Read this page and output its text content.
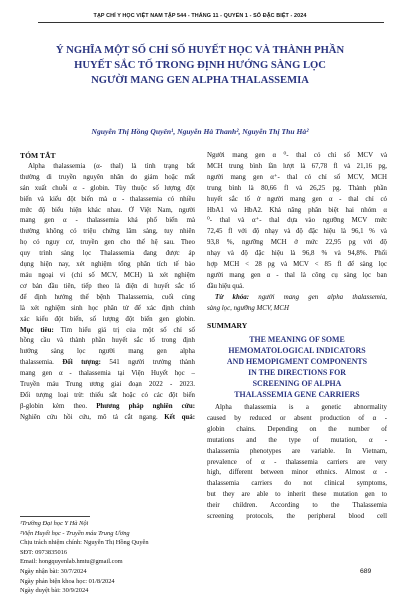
TẠP CHÍ Y HỌC VIỆT NAM TẬP 544 - THÁNG 11 - QUYỂN 1 - SỐ ĐẶC BIỆT - 2024
Ý NGHĨA MỘT SỐ CHỈ SỐ HUYẾT HỌC VÀ THÀNH PHẦN
HUYẾT SẮC TỐ TRONG ĐỊNH HƯỚNG SÀNG LỌC
NGƯỜI MANG GEN ALPHA THALASSEMIA
Nguyễn Thị Hồng Quyên¹, Nguyễn Hà Thanh², Nguyễn Thị Thu Hà²
TÓM TẮT
Alpha thalassemia (α- thal) là tình trạng bất
thường di truyền nguyên nhân do giảm hoặc mất
sản xuất chuỗi α - globin. Tùy thuộc số lượng đột
biến và kiểu đột biến mà α - thalassemia có nhiều
mức độ biểu hiện khác nhau. Ở Việt Nam, người
mang gen α - thalassemia khá phổ biến mà
thường không có triệu chứng lâm sàng, tuy nhiên
họ có nguy cơ, truyền gen cho thế hệ sau. Theo
quy trình sàng lọc Thalassemia đang được áp
dụng hiện nay, xét nghiệm tổng phân tích tế bào
máu ngoại vi (chỉ số MCV, MCH) là xét nghiệm
cơ bản đầu tiên, tiếp theo là điện di huyết sắc tố
để định hướng thể bệnh Thalassemia, cuối cùng
là xét nghiệm sinh học phân tử để xác định chính
xác kiểu đột biến, số lượng đột biến gen globin.
Mục tiêu: Tìm hiểu giá trị của một số chỉ số
hồng cầu và thành phần huyết sắc tố trong định
hướng sàng lọc người mang gen alpha
thalassemia. Đối tượng: 541 người trưởng thành
mang gen α - thalassemia tại Viện Huyết học –
Truyền máu Trung ương giai đoạn 2022 - 2023.
Đối tượng loại trừ: thiếu sắt hoặc có các đột biến
β-globin kèm theo. Phương pháp nghiên cứu:
Nghiên cứu hồi cứu, mô tả cắt ngang. Kết quả:
¹Trường Đại học Y Hà Nội
²Viện Huyết học - Truyền máu Trung Ương
Chịu trách nhiệm chính: Nguyễn Thị Hồng Quyên
SĐT: 0973835016
Email: hongquyenlab.hmtu@gmail.com
Ngày nhận bài: 30/7/2024
Ngày phản biện khoa học: 01/8/2024
Ngày duyệt bài: 30/9/2024
Người mang gen α ⁰- thal có chỉ số MCV và
MCH trung bình lần lượt là 67,78 fl và 21,16 pg,
người mang gen α⁺- thal có chỉ số MCV, MCH
trung bình là 80,66 fl và 26,25 pg. Thành phần
huyết sắc tố ở người mang gen α - thal chỉ có
HbA1 và HbA2. Khả năng phân biệt hai nhóm α
⁰- thal và α⁺- thal dựa vào ngưỡng MCV mức
72,45 fl với độ nhạy và độ đặc hiệu là 96,1 % và
93,8 %, ngưỡng MCH ở mức 22,95 pg với độ
nhạy và độ đặc hiệu là 96,8 % và 94,8%. Phối
hợp MCH < 28 pg và MCV < 85 fl để sàng lọc
người mang gen α - thal là công cụ sàng lọc ban
đầu hiệu quả.
Từ khóa: người mang gen alpha thalassemia,
sàng lọc, ngưỡng MCV, MCH
SUMMARY
THE MEANING OF SOME
HEMOMATOLOGICAL INDICATORS
AND HEMOPIGMENT COMPONENTS
IN THE DIRECTIONS FOR
SCREENING OF ALPHA
THALASSEMIA GENE CARRIERS
Alpha thalassemia is a genetic abnormality
caused by reduced or absent production of α -
globin chains. Depending on the number of
mutations and the type of mutation, α -
thalassemia phenotypes are variable. In Vietnam,
prevalence of α - thalassemia carriers are very
high, different between minor ethnics. Almost α -
thalassemia carriers do not clinical symptoms,
but they are able to inherit these mutation gen to
their children. According to the Thalassemia
screening protocols, the peripheral blood cell
689
